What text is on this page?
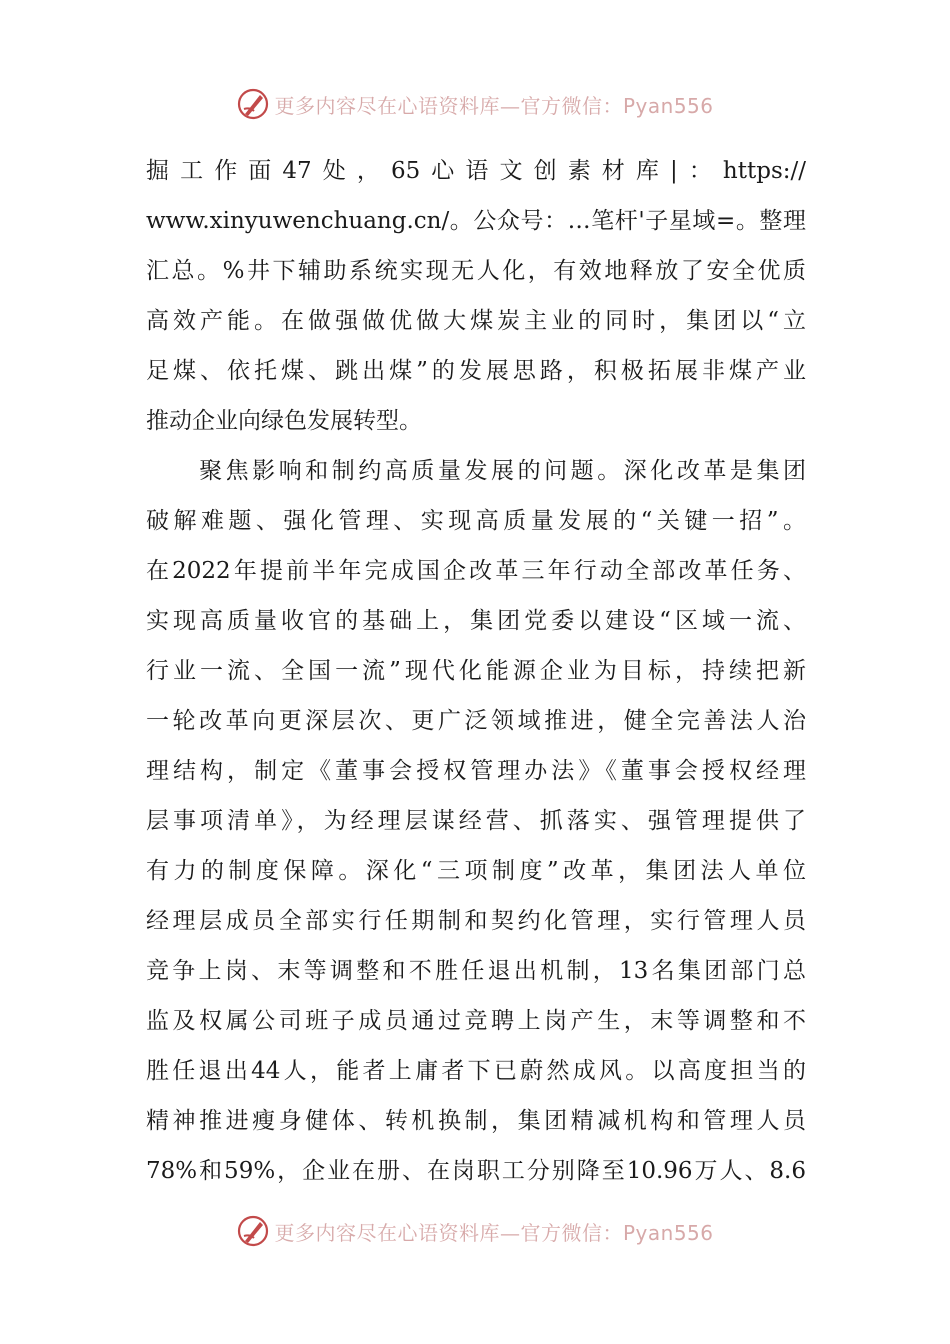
更多内容尽在心语资料库—官方微信：Pyan556
掘工作面47处，65心语文创素材库|：https://
www.xinyuwenchuang.cn/。公众号：…笔杆'子星域=。整理
汇总。%井下辅助系统实现无人化，有效地释放了安全优质
高效产能。在做强做优做大煤炭主业的同时，集团以“立
足煤、依托煤、跳出煤”的发展思路，积极拓展非煤产业
推动企业向绿色发展转型。
　　聚焦影响和制约高质量发展的问题。深化改革是集团
破解难题、强化管理、实现高质量发展的“关键一招”。
在2022年提前半年完成国企改革三年行动全部改革任务、
实现高质量收官的基础上，集团党委以建设“区域一流、
行业一流、全国一流”现代化能源企业为目标，持续把新
一轮改革向更深层次、更广泛领域推进，健全完善法人治
理结构，制定《董事会授权管理办法》《董事会授权经理
层事项清单》，为经理层谋经营、抓落实、强管理提供了
有力的制度保障。深化“三项制度”改革，集团法人单位
经理层成员全部实行任期制和契约化管理，实行管理人员
竞争上岗、末等调整和不胜任退出机制，13名集团部门总
监及权属公司班子成员通过竞聘上岗产生，末等调整和不
胜任退出44人，能者上庸者下已蔚然成风。以高度担当的
精神推进瘦身健体、转机换制，集团精减机构和管理人员
78%和59%，企业在册、在岗职工分别降至10.96万人、8.6
更多内容尽在心语资料库—官方微信：Pyan556
